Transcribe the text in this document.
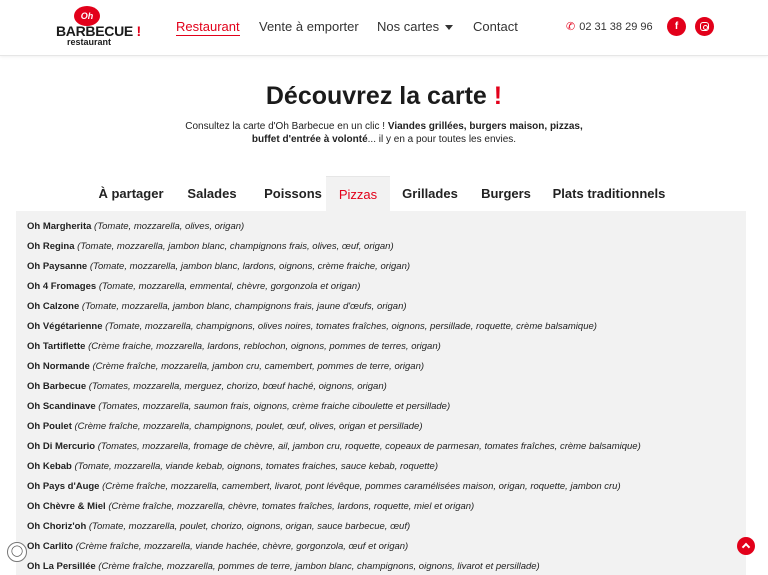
Oh
BARBECUE !
restaurant
Restaurant Vente à emporter Nos cartes	Contact	✆ 02 31 38 29 96	f
Découvrez la carte !

Consultez la carte d'Oh Barbecue en un clic ! Viandes grillées, burgers maison, pizzas,
buffet d'entrée à volonté... il y en a pour toutes les envies.

À partager	Salades	Poissons	Pizzas	Grillades	Burgers	Plats traditionnels
Oh Margherita (Tomate, mozzarella, olives, origan)
Oh Regina (Tomate, mozzarella, jambon blanc, champignons frais, olives, œuf, origan)
Oh Paysanne (Tomate, mozzarella, jambon blanc, lardons, oignons, crème fraiche, origan)
Oh 4 Fromages (Tomate, mozzarella, emmental, chèvre, gorgonzola et origan)
Oh Calzone (Tomate, mozzarella, jambon blanc, champignons frais, jaune d'œufs, origan)
Oh Végétarienne (Tomate, mozzarella, champignons, olives noires, tomates fraîches, oignons, persillade, roquette, crème balsamique)
Oh Tartiflette (Crème fraiche, mozzarella, lardons, reblochon, oignons, pommes de terres, origan)
Oh Normande (Crème fraîche, mozzarella, jambon cru, camembert, pommes de terre, origan)
Oh Barbecue (Tomates, mozzarella, merguez, chorizo, bœuf haché, oignons, origan)
Oh Scandinave (Tomates, mozzarella, saumon frais, oignons, crème fraiche ciboulette et persillade)
Oh Poulet (Crème fraîche, mozzarella, champignons, poulet, œuf, olives, origan et persillade)
Oh Di Mercurio (Tomates, mozzarella, fromage de chèvre, ail, jambon cru, roquette, copeaux de parmesan, tomates fraîches, crème balsamique)
Oh Kebab (Tomate, mozzarella, viande kebab, oignons, tomates fraiches, sauce kebab, roquette)
Oh Pays d'Auge (Crème fraîche, mozzarella, camembert, livarot, pont lévêque, pommes caramélisées maison, origan, roquette, jambon cru)
Oh Chèvre & Miel (Crème fraîche, mozzarella, chèvre, tomates fraîches, lardons, roquette, miel et origan)
Oh Choriz'oh (Tomate, mozzarella, poulet, chorizo, oignons, origan, sauce barbecue, œuf)
Oh Carlito (Crème fraîche, mozzarella, viande hachée, chèvre, gorgonzola, œuf et origan)
Oh La Persillée (Crème fraîche, mozzarella, pommes de terre, jambon blanc, champignons, oignons, livarot et persillade)
◯
